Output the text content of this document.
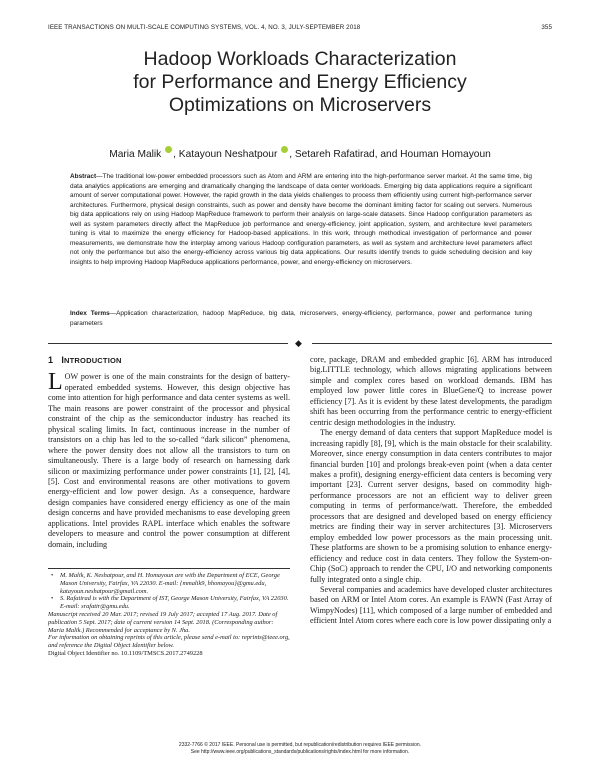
IEEE TRANSACTIONS ON MULTI-SCALE COMPUTING SYSTEMS, VOL. 4, NO. 3, JULY-SEPTEMBER 2018	355
Hadoop Workloads Characterization
for Performance and Energy Efficiency
Optimizations on Microservers
Maria Malik , Katayoun Neshatpour , Setareh Rafatirad, and Houman Homayoun
Abstract—The traditional low-power embedded processors such as Atom and ARM are entering into the high-performance server market. At the same time, big data analytics applications are emerging and dramatically changing the landscape of data center workloads. Emerging big data applications require a significant amount of server computational power. However, the rapid growth in the data yields challenges to process them efficiently using current high-performance server architectures. Furthermore, physical design constraints, such as power and density have become the dominant limiting factor for scaling out servers. Numerous big data applications rely on using Hadoop MapReduce framework to perform their analysis on large-scale datasets. Since Hadoop configuration parameters as well as system parameters directly affect the MapReduce job performance and energy-efficiency, joint application, system, and architecture level parameters tuning is vital to maximize the energy efficiency for Hadoop-based applications. In this work, through methodical investigation of performance and power measurements, we demonstrate how the interplay among various Hadoop configuration parameters, as well as system and architecture level parameters affect not only the performance but also the energy-efficiency across various big data applications. Our results identify trends to guide scheduling decision and key insights to help improving Hadoop MapReduce applications performance, power, and energy-efficiency on microservers.
Index Terms—Application characterization, hadoop MapReduce, big data, microservers, energy-efficiency, performance, power and performance tuning parameters
◆
1 INTRODUCTION

LOW power is one of the main constraints for the design of battery-operated embedded systems. However, this design objective has come into attention for high performance and data center systems as well. The main reasons are power constraint of the processor and physical constraint of the chip as the semiconductor industry has reached its physical scaling limits. In fact, continuous increase in the number of transistors on a chip has led to the so-called “dark silicon” phenomena, where the power density does not allow all the transistors to turn on simultaneously. There is a large body of research on harnessing dark silicon or maximizing performance under power constraints [1], [2], [4], [5]. Cost and environmental reasons are other motivations to govern energy-efficient and low power design. As a consequence, hardware design companies have considered energy efficiency as one of the main design concerns and have provided mechanisms to ease developing green applications. Intel provides RAPL interface which enables the software developers to measure and control the power consumption at different domain, including

core, package, DRAM and embedded graphic [6]. ARM has introduced big.LITTLE technology, which allows migrating applications between simple and complex cores based on workload demands. IBM has employed low power little cores in BlueGene/Q to increase power efficiency [7]. As it is evident by these latest developments, the paradigm shift has been occurring from the performance centric to energy-efficient centric design methodologies in the industry.

The energy demand of data centers that support MapReduce model is increasing rapidly [8], [9], which is the main obstacle for their scalability. Moreover, since energy consumption in data centers contributes to major financial burden [10] and prolongs break-even point (when a data center makes a profit), designing energy-efficient data centers is becoming very important [23]. Current server designs, based on commodity high-performance processors are not an efficient way to deliver green computing in terms of performance/watt. Therefore, the embedded processors that are designed and developed based on energy efficiency metrics are finding their way in server architectures [3]. Microservers employ embedded low power processors as the main processing unit. These platforms are shown to be a promising solution to enhance energy-efficiency and reduce cost in data centers. They follow the System-on-Chip (SoC) approach to render the CPU, I/O and networking components fully integrated onto a single chip.

Several companies and academics have developed cluster architectures based on ARM or Intel Atom cores. An example is FAWN (Fast Array of WimpyNodes) [11], which composed of a large number of embedded and efficient Intel Atom cores where each core is low power dissipating only a

• M. Malik, K. Neshatpour, and H. Homayoun are with the Department of ECE, George Mason University, Fairfax, VA 22030. E-mail: {mmalik9, hhomayou}@gmu.edu, katayoun.neshatpour@gmail.com.

• S. Rafatirad is with the Department of IST, George Mason University, Fairfax, VA 22030. E-mail: srafatir@gmu.edu.

Manuscript received 20 Mar. 2017; revised 19 July 2017; accepted 17 Aug. 2017. Date of publication 5 Sept. 2017; date of current version 14 Sept. 2018. (Corresponding author: Maria Malik.) Recommended for acceptance by N. Jha.

For information on obtaining reprints of this article, please send e-mail to: reprints@ieee.org, and reference the Digital Object Identifier below.

Digital Object Identifier no. 10.1109/TMSCS.2017.2749228

2332-7766 © 2017 IEEE. Personal use is permitted, but republication/redistribution requires IEEE permission.
See http://www.ieee.org/publications_standards/publications/rights/index.html for more information.
